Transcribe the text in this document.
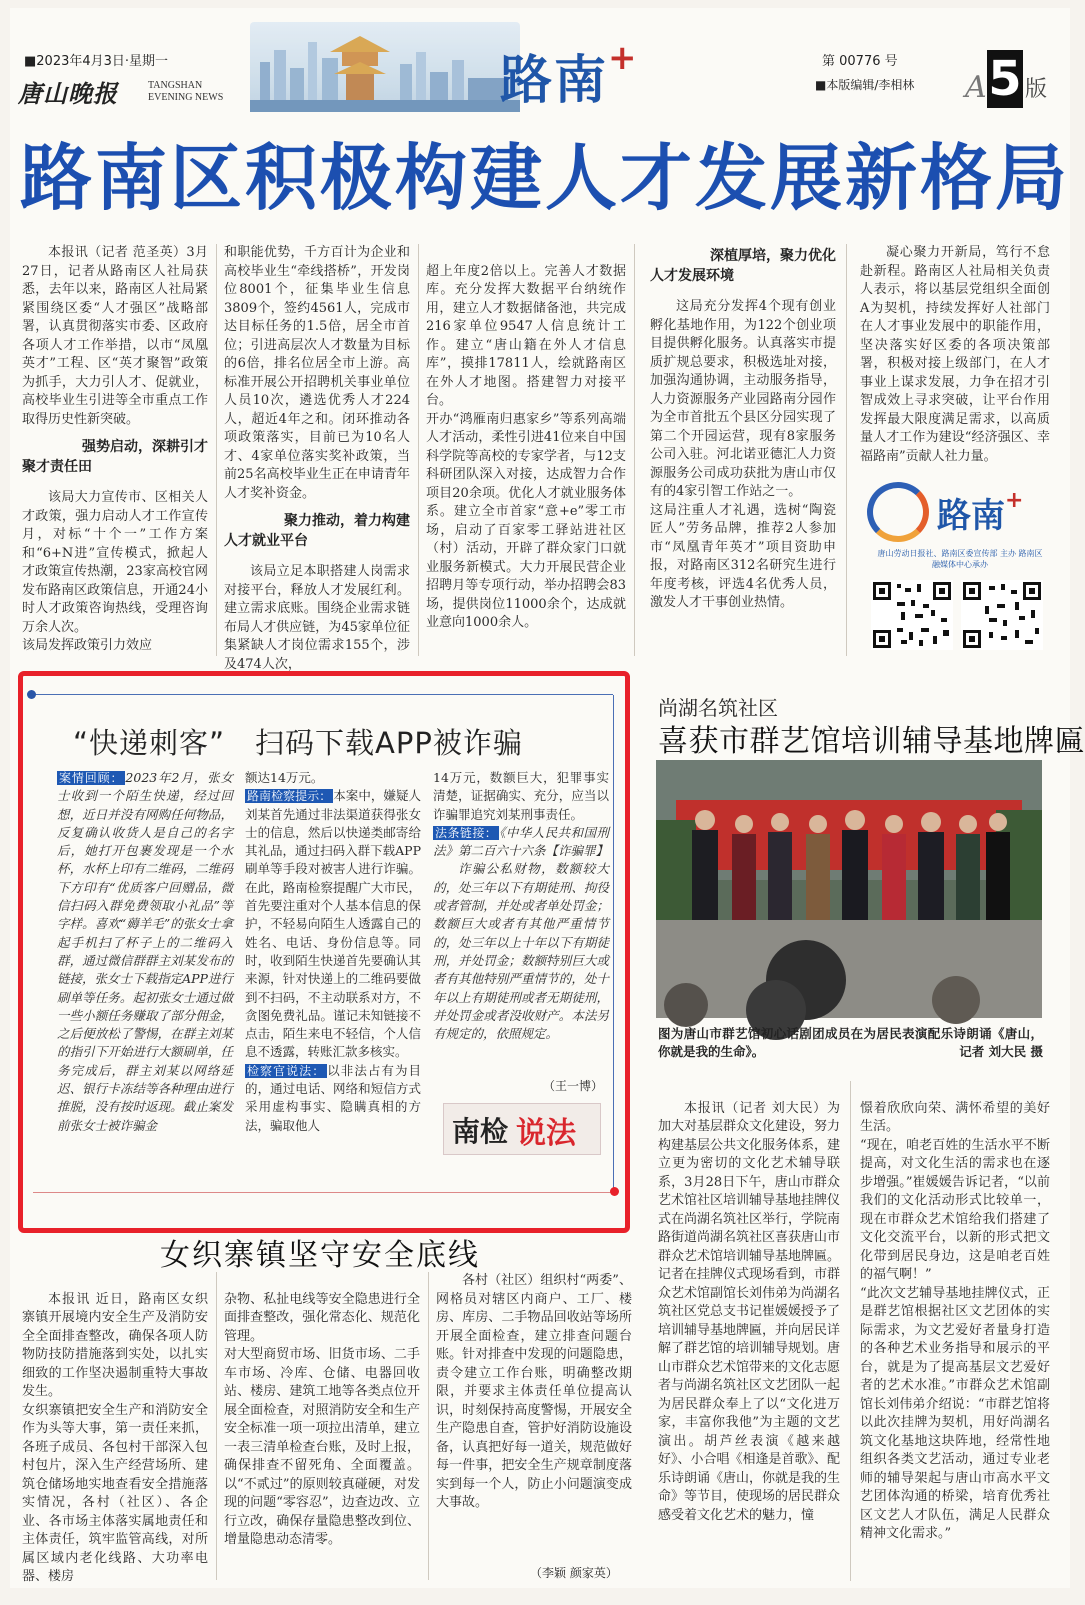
■2023年4月3日·星期一
唐山晚报	TANGSHAN
EVENING NEWS	路南+	第 00776 号
■本版编辑/李相林 A 5 版
路南区积极构建人才发展新格局

本报讯（记者 范圣英）3月27日，记者从路南区人社局获悉，去年以来，路南区人社局紧紧围绕区委“人才强区”战略部署，认真贯彻落实市委、区政府各项人才工作举措，以市“凤凰英才”工程、区“英才聚智”政策为抓手，大力引人才、促就业，高校毕业生引进等全市重点工作取得历史性新突破。

强势启动，深耕引才
聚才责任田

该局大力宣传市、区相关人才政策，强力启动人才工作宣传月，对标“十个一”工作方案和“6+N进”宣传模式，掀起人才政策宣传热潮，23家高校官网发布路南区政策信息，开通24小时人才政策咨询热线，受理咨询万余人次。
该局发挥政策引力效应

和职能优势，千方百计为企业和高校毕业生“牵线搭桥”，开发岗位8001个，征集毕业生信息3809个，签约4561人，完成市达目标任务的1.5倍，居全市首位；引进高层次人才数量为目标的6倍，排名位居全市上游。高标准开展公开招聘机关事业单位人员10次，遴选优秀人才224人，超近4年之和。闭环推动各项政策落实，目前已为10名人才、4家单位落实奖补政策，当前25名高校毕业生正在申请青年人才奖补资金。

聚力推动，着力构建
人才就业平台

该局立足本职搭建人岗需求对接平台，释放人才发展红利。建立需求底账。围绕企业需求链布局人才供应链，为45家单位征集紧缺人才岗位需求155个，涉及474人次，

超上年度2倍以上。完善人才数据库。充分发挥大数据平台纳统作用，建立人才数据储备池，共完成216家单位9547人信息统计工作。建立“唐山籍在外人才信息库”，摸排17811人，绘就路南区在外人才地图。搭建智力对接平台。
开办“鸿雁南归惠家乡”等系列高端人才活动，柔性引进41位来自中国科学院等高校的专家学者，与12支科研团队深入对接，达成智力合作项目20余项。优化人才就业服务体系。建立全市首家“意+e”零工市场，启动了百家零工驿站进社区（村）活动，开辟了群众家门口就业服务新模式。大力开展民营企业招聘月等专项行动，举办招聘会83场，提供岗位11000余个，达成就业意向1000余人。

深植厚培，聚力优化
人才发展环境

这局充分发挥4个现有创业孵化基地作用，为122个创业项目提供孵化服务。认真落实市提质扩规总要求，积极选址对接，加强沟通协调，主动服务指导，人力资源服务产业园路南分园作为全市首批五个县区分园实现了第二个开园运营，现有8家服务公司入驻。河北诺亚德汇人力资源服务公司成功获批为唐山市仅有的4家引智工作站之一。
这局注重人才礼遇，选树“陶瓷匠人”劳务品牌，推荐2人参加市“凤凰青年英才”项目资助申报，对路南区312名研究生进行年度考核，评选4名优秀人员，激发人才干事创业热情。

凝心聚力开新局，笃行不怠赴新程。路南区人社局相关负责人表示，将以基层党组织全面创A为契机，持续发挥好人社部门在人才事业发展中的职能作用，坚决落实好区委的各项决策部署，积极对接上级部门，在人才事业上谋求发展，力争在招才引智成效上寻求突破，让平台作用发挥最大限度满足需求，以高质量人才工作为建设“经济强区、幸福路南”贡献人社力量。

路南+
唐山劳动日报社、路南区委宣传部 主办 路南区融媒体中心承办
“快递刺客”　扫码下载APP被诈骗
案情回顾： 2023年2月，张女士收到一个陌生快递，经过回想，近日并没有网购任何物品，反复确认收货人是自己的名字后，她打开包裹发现是一个水杯，水杯上印有二维码，二维码下方印有“优质客户回赠品，微信扫码入群免费领取小礼品”等字样。喜欢“薅羊毛”的张女士拿起手机扫了杯子上的二维码入群，通过微信群群主刘某发布的链接，张女士下载指定APP进行刷单等任务。起初张女士通过做一些小额任务赚取了部分佣金，之后便放松了警惕，在群主刘某的指引下开始进行大额刷单，任务完成后，群主刘某以网络延迟、银行卡冻结等各种理由进行推脱，没有按时返现。截止案发前张女士被诈骗金
额达14万元。
路南检察提示： 本案中，嫌疑人刘某首先通过非法渠道获得张女士的信息，然后以快递类邮寄给其礼品，通过扫码入群下载APP刷单等手段对被害人进行诈骗。在此，路南检察提醒广大市民，首先要注重对个人基本信息的保护，不轻易向陌生人透露自己的姓名、电话、身份信息等。同时，收到陌生快递首先要确认其来源，针对快递上的二维码要做到不扫码，不主动联系对方，不贪图免费礼品。谨记未知链接不点击，陌生来电不轻信，个人信息不透露，转账汇款多核实。
检察官说法： 以非法占有为目的，通过电话、网络和短信方式采用虚构事实、隐瞒真相的方法，骗取他人
14万元，数额巨大，犯罪事实清楚，证据确实、充分，应当以诈骗罪追究刘某刑事责任。
法条链接： 《中华人民共和国刑法》第二百六十六条【诈骗罪】
诈骗公私财物，数额较大的，处三年以下有期徒刑、拘役或者管制，并处或者单处罚金；数额巨大或者有其他严重情节的，处三年以上十年以下有期徒刑，并处罚金；数额特别巨大或者有其他特别严重情节的，处十年以上有期徒刑或者无期徒刑，并处罚金或者没收财产。本法另有规定的，依照规定。
（王一博）
南检 说法
尚湖名筑社区
喜获市群艺馆培训辅导基地牌匾
图为唐山市群艺馆初心话剧团成员在为居民表演配乐诗朗诵《唐山，你就是我的生命》。	记者 刘大民 摄

本报讯（记者 刘大民）为加大对基层群众文化建设，努力构建基层公共文化服务体系，建立更为密切的文化艺术辅导联系，3月28日下午，唐山市群众艺术馆社区培训辅导基地挂牌仪式在尚湖名筑社区举行，学院南路街道尚湖名筑社区喜获唐山市群众艺术馆培训辅导基地牌匾。
记者在挂牌仪式现场看到，市群众艺术馆副馆长刘伟弟为尚湖名筑社区党总支书记崔媛媛授予了培训辅导基地牌匾，并向居民详解了群艺馆的培训辅导规划。唐山市群众艺术馆带来的文化志愿者与尚湖名筑社区文艺团队一起为居民群众奉上了以“文化进万家，丰富你我他”为主题的文艺演出。胡芦丝表演《越来越好》、小合唱《相逢是首歌》、配乐诗朗诵《唐山，你就是我的生命》等节目，使现场的居民群众感受着文化艺术的魅力，憧

憬着欣欣向荣、满怀希望的美好生活。
“现在，咱老百姓的生活水平不断提高，对文化生活的需求也在逐步增强。”崔媛媛告诉记者，“以前我们的文化活动形式比较单一，现在市群众艺术馆给我们搭建了文化交流平台，以新的形式把文化带到居民身边，这是咱老百姓的福气啊！”
“此次文艺辅导基地挂牌仪式，正是群艺馆根据社区文艺团体的实际需求，为文艺爱好者量身打造的各种艺术业务指导和展示的平台，就是为了提高基层文艺爱好者的艺术水准。”市群众艺术馆副馆长刘伟弟介绍说：“市群艺馆将以此次挂牌为契机，用好尚湖名筑文化基地这块阵地，经常性地组织各类文艺活动，通过专业老师的辅导架起与唐山市高水平文艺团体沟通的桥梁，培育优秀社区文艺人才队伍，满足人民群众精神文化需求。”

女织寨镇坚守安全底线

本报讯 近日，路南区女织寨镇开展境内安全生产及消防安全全面排查整改，确保各项人防物防技防措施落到实处，以扎实细致的工作坚决遏制重特大事故发生。
女织寨镇把安全生产和消防安全作为头等大事，第一责任来抓，各班子成员、各包村干部深入包村包片，深入生产经营场所、建筑仓储场地实地查看安全措施落实情况，各村（社区）、各企业、各市场主体落实属地责任和主体责任，筑牢监管高线，对所属区域内老化线路、大功率电器、楼房

杂物、私扯电线等安全隐患进行全面排查整改，强化常态化、规范化管理。
对大型商贸市场、旧货市场、二手车市场、冷库、仓储、电器回收站、楼房、建筑工地等各类点位开展全面检查，对照消防安全和生产安全标准一项一项拉出清单，建立一表三清单检查台账，及时上报，确保排查不留死角、全面覆盖。以“不贰过”的原则较真碰硬，对发现的问题“零容忍”，边查边改、立行立改，确保存量隐患整改到位、增量隐患动态清零。

各村（社区）组织村“两委”、网格员对辖区内商户、工厂、楼房、库房、二手物品回收站等场所开展全面检查，建立排查问题台账。针对排查中发现的问题隐患，责令建立工作台账，明确整改期限，并要求主体责任单位提高认识，时刻保持高度警惕，开展安全生产隐患自查，管护好消防设施设备，认真把好每一道关，规范做好每一件事，把安全生产规章制度落实到每一个人，防止小问题演变成大事故。

（李颖 颜家英）
